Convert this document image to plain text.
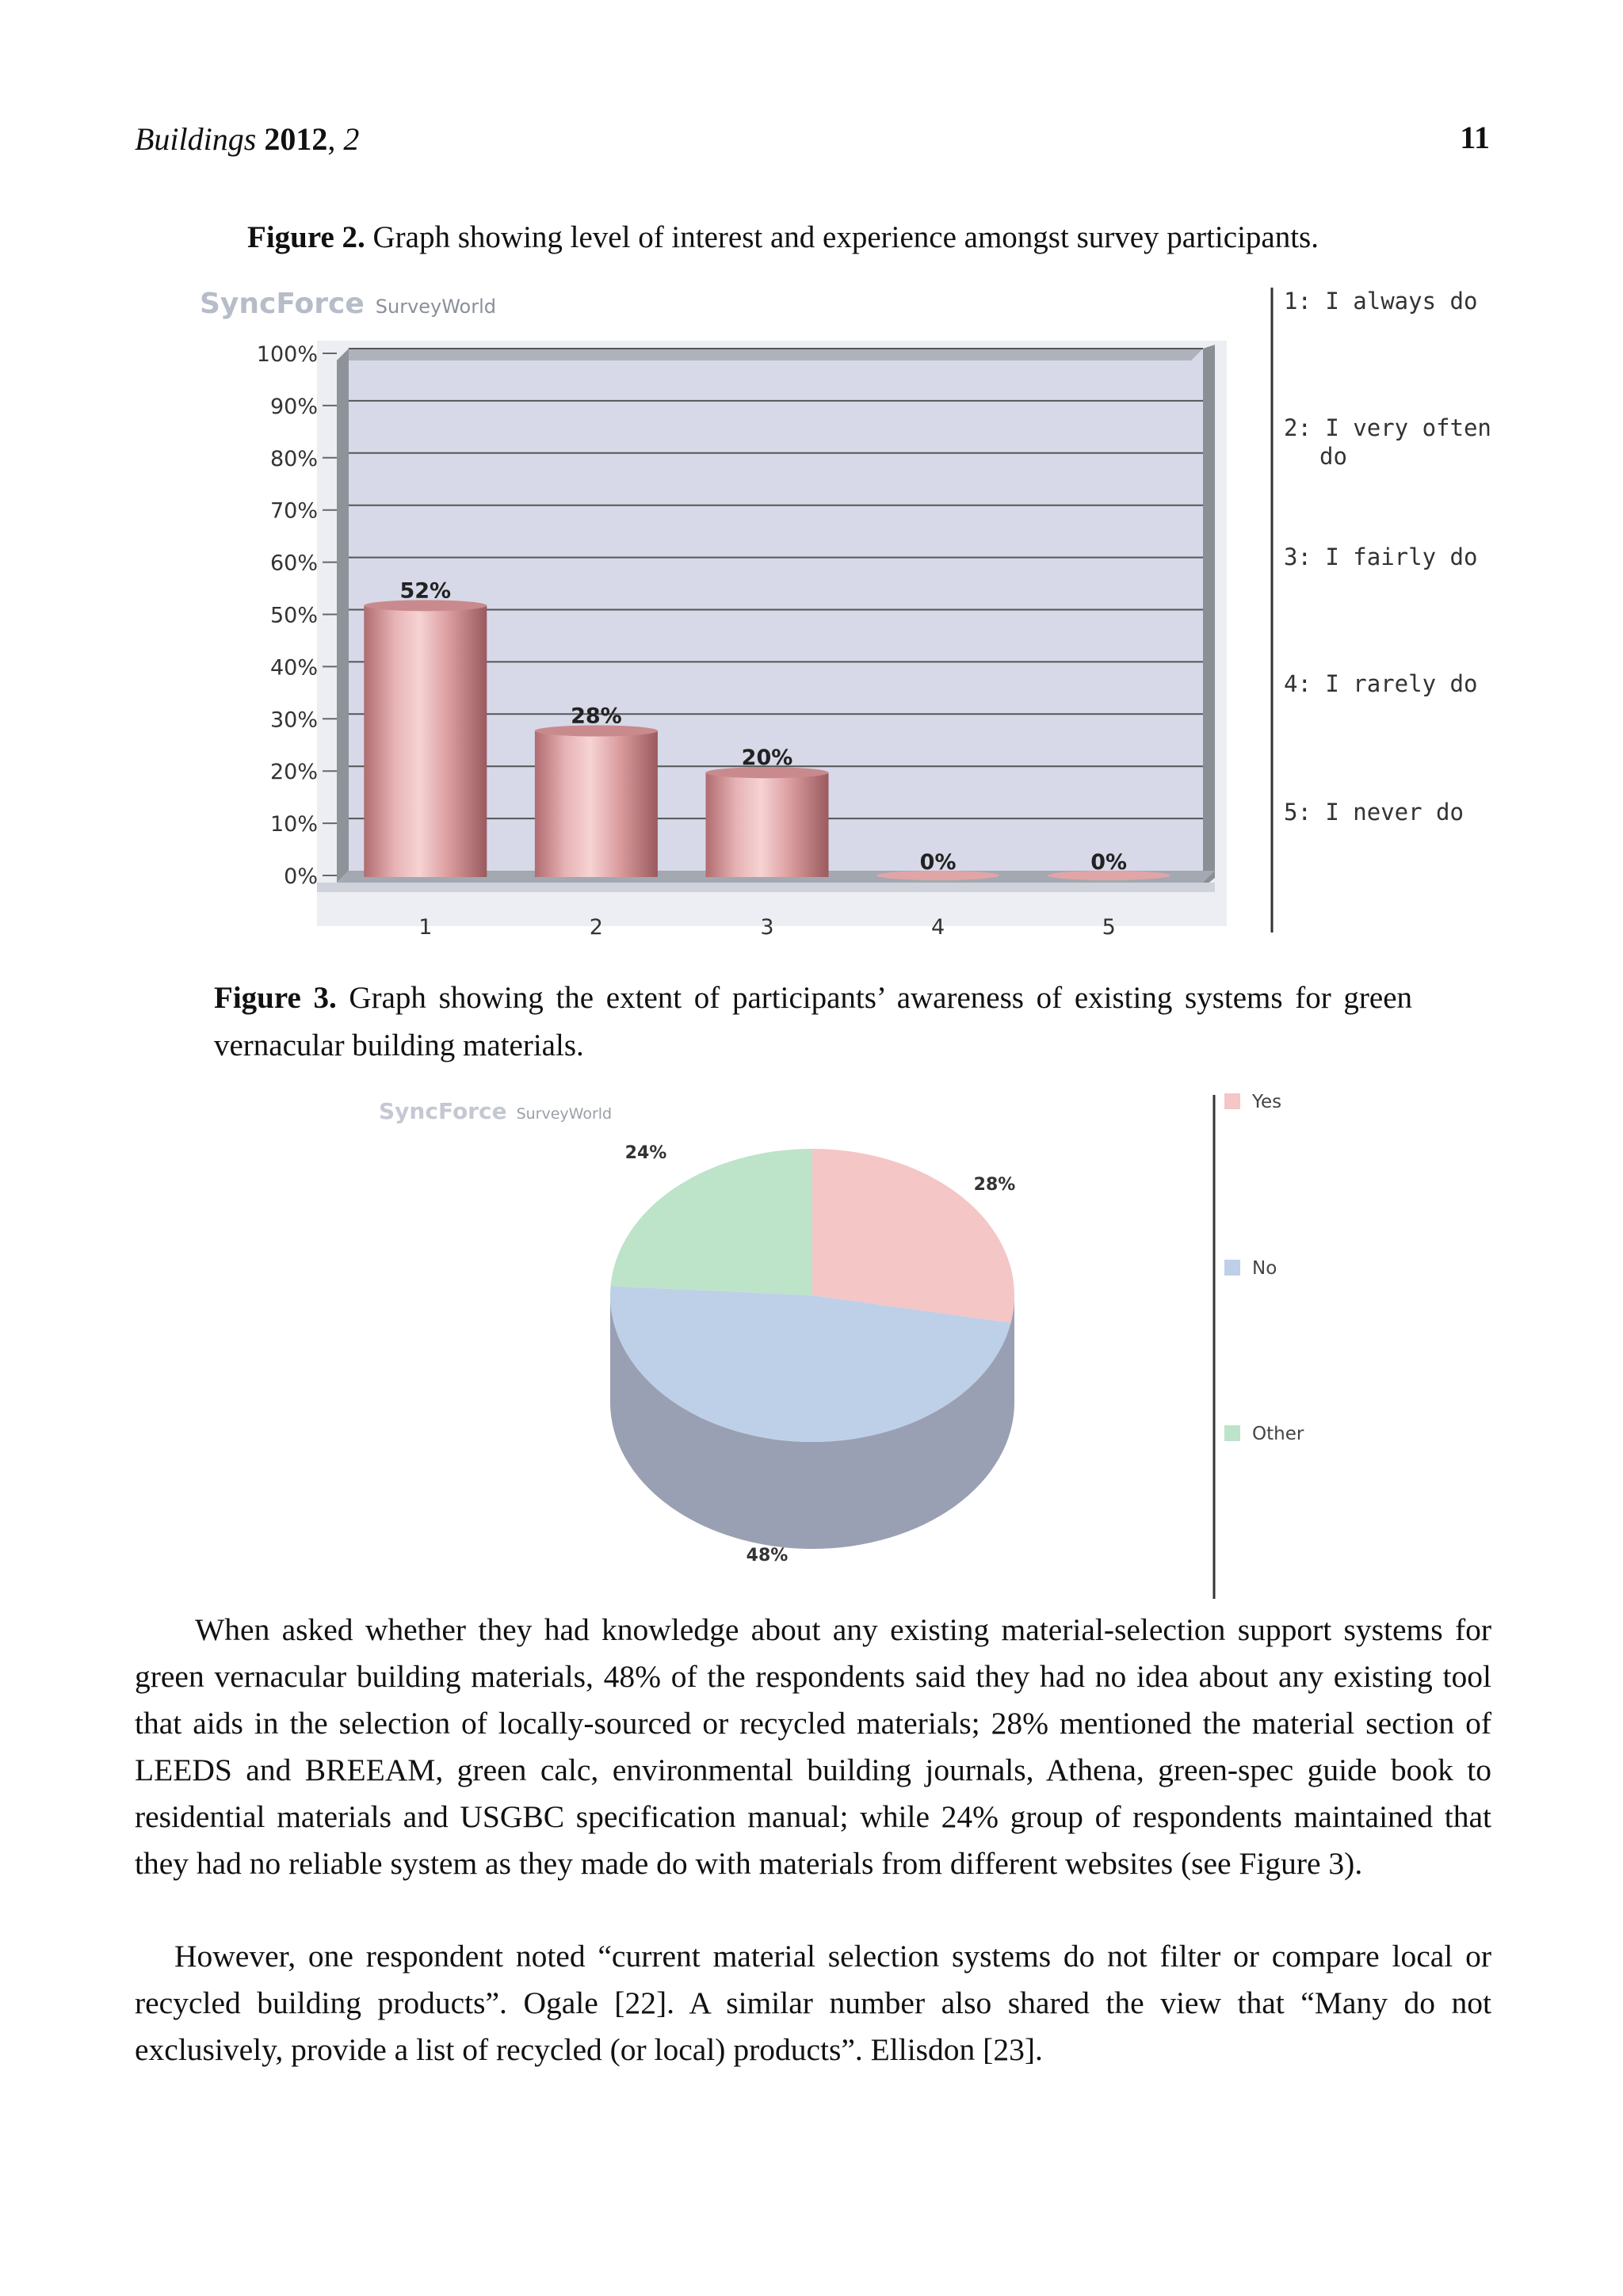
Buildings 2012, 2	11
Figure 2. Graph showing level of interest and experience amongst survey participants.
SyncForce SurveyWorld
0%
10%
20%
30%
40%
50%
60%
70%
80%
90%
100%
52%
28%
20%
0%	0%
1	2	3	4	5
1: I always do
2: I very often do
3: I fairly do
4: I rarely do
5: I never do
Figure 3. Graph showing the extent of participants’ awareness of existing systems for green vernacular building materials.
SyncForce SurveyWorld
28%
48%
24%
Yes
No
Other
When asked whether they had knowledge about any existing material-selection support systems for green vernacular building materials, 48% of the respondents said they had no idea about any existing tool that aids in the selection of locally-sourced or recycled materials; 28% mentioned the material section of LEEDS and BREEAM, green calc, environmental building journals, Athena, green-spec guide book to residential materials and USGBC specification manual; while 24% group of respondents maintained that they had no reliable system as they made do with materials from different websites (see Figure 3).
However, one respondent noted “current material selection systems do not filter or compare local or recycled building products”. Ogale [22]. A similar number also shared the view that “Many do not exclusively, provide a list of recycled (or local) products”. Ellisdon [23].
